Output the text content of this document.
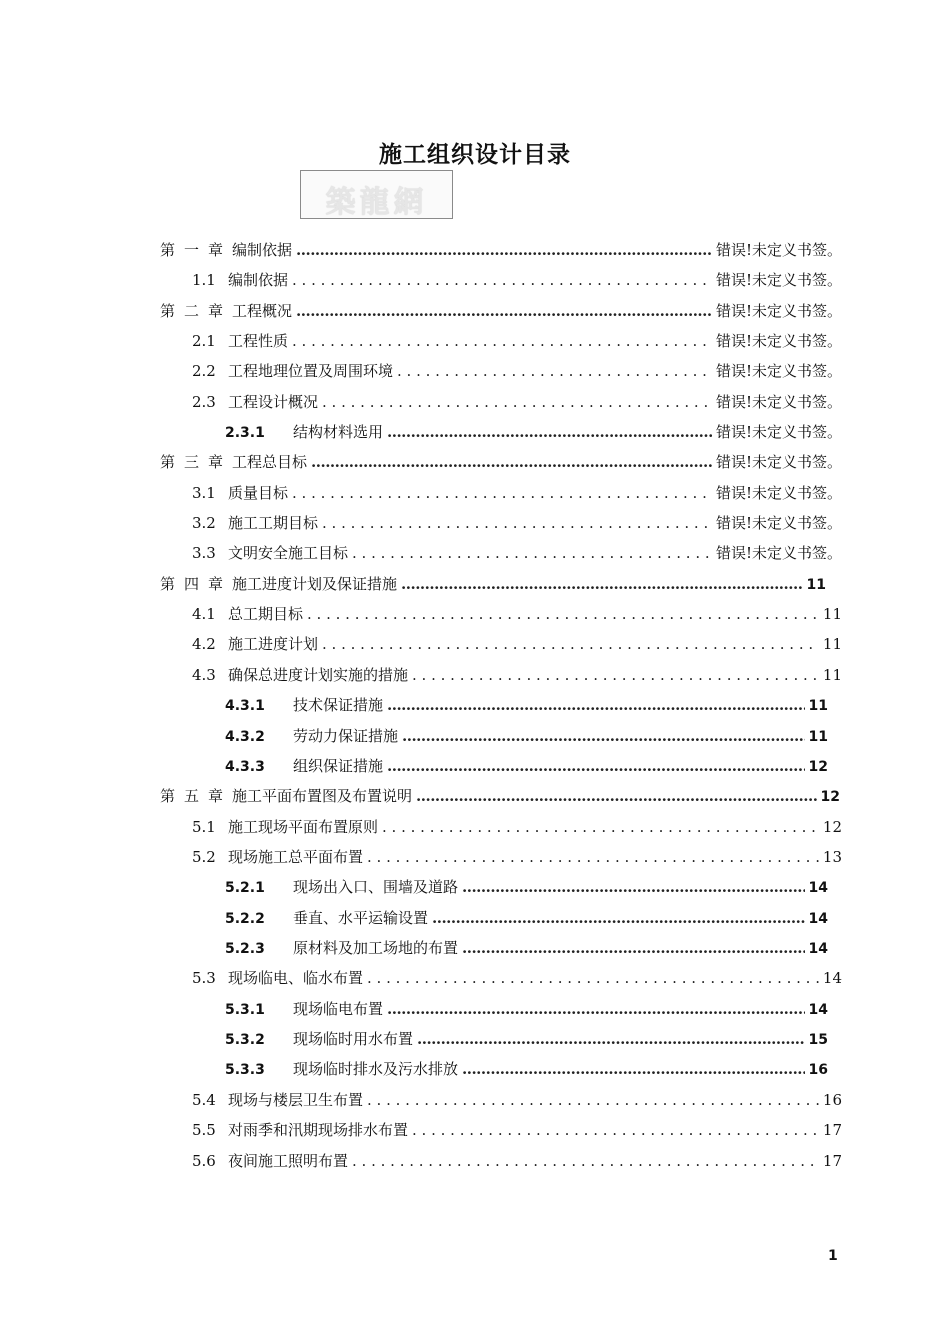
施工组织设计目录
築龍網
第一章 编制依据 .....	错误!未定义书签。
1.1 编制依据 . . .	错误!未定义书签。
第二章 工程概况 .....	错误!未定义书签。
2.1 工程性质 . . .	错误!未定义书签。
2.2 工程地理位置及周围环境 . . .	错误!未定义书签。
2.3 工程设计概况 . . .	错误!未定义书签。
2.3.1	结构材料选用 .....	错误!未定义书签。
第三章 工程总目标 .....	错误!未定义书签。
3.1 质量目标 . . .	错误!未定义书签。
3.2 施工工期目标 . . .	错误!未定义书签。
3.3 文明安全施工目标 . . .	错误!未定义书签。
第四章 施工进度计划及保证措施 .....	11
4.1 总工期目标 . . .	11
4.2 施工进度计划 . . .	11
4.3 确保总进度计划实施的措施 . . .	11
4.3.1	技术保证措施 .....	11
4.3.2	劳动力保证措施 .....	11
4.3.3	组织保证措施 .....	12
第五章 施工平面布置图及布置说明 .....	12
5.1 施工现场平面布置原则 . . .	12
5.2 现场施工总平面布置 . . .	13
5.2.1	现场出入口、围墙及道路 .....	14
5.2.2	垂直、水平运输设置 .....	14
5.2.3	原材料及加工场地的布置 .....	14
5.3 现场临电、临水布置 . . .	14
5.3.1	现场临电布置 .....	14
5.3.2	现场临时用水布置 .....	15
5.3.3	现场临时排水及污水排放 .....	16
5.4 现场与楼层卫生布置 . . .	16
5.5 对雨季和汛期现场排水布置 . . .	17
5.6 夜间施工照明布置 . . .	17
1
